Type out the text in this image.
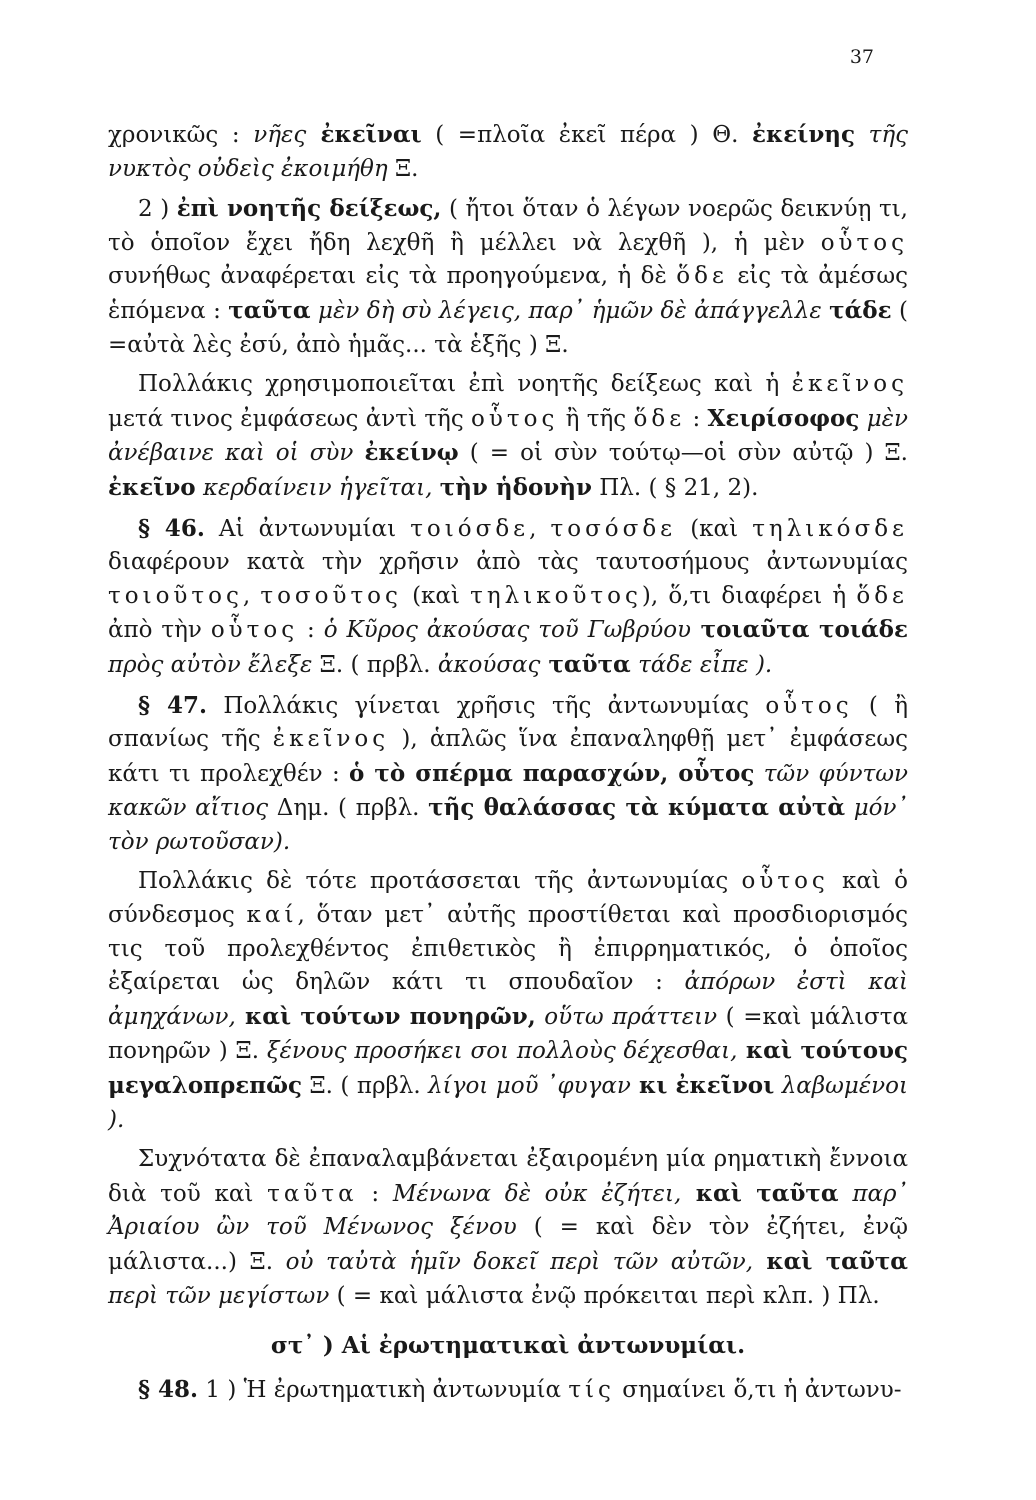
37

χρονικῶς : νῆες ἐκεῖναι ( =πλοῖα ἐκεῖ πέρα ) Θ. ἐκείνης τῆς νυκτὸς οὐδεὶς ἐκοιμήθη Ξ.

2 ) ἐπὶ νοητῆς δείξεως, ( ἤτοι ὅταν ὁ λέγων νοερῶς δεικνύῃ τι, τὸ ὁποῖον ἔχει ἤδη λεχθῆ ἢ μέλλει νὰ λεχθῆ ), ἡ μὲν οὗτος συνήθως ἀναφέρεται εἰς τὰ προηγούμενα, ἡ δὲ ὅδε εἰς τὰ ἀμέσως ἑπόμενα : ταῦτα μὲν δὴ σὺ λέγεις, παρ᾽ ἡμῶν δὲ ἀπάγγελλε τάδε ( =αὐτὰ λὲς ἐσύ, ἀπὸ ἡμᾶς... τὰ ἑξῆς ) Ξ.

Πολλάκις χρησιμοποιεῖται ἐπὶ νοητῆς δείξεως καὶ ἡ ἐκεῖνος μετά τινος ἐμφάσεως ἀντὶ τῆς οὗτος ἢ τῆς ὅδε : Χειρίσοφος μὲν ἀνέβαινε καὶ οἱ σὺν ἐκείνῳ ( = οἱ σὺν τούτῳ—οἱ σὺν αὐτῷ ) Ξ. ἐκεῖνο κερδαίνειν ἡγεῖται, τὴν ἡδονὴν Πλ. ( § 21, 2).

§ 46. Αἱ ἀντωνυμίαι τοιόσδε, τοσόσδε (καὶ τηλικόσδε διαφέρουν κατὰ τὴν χρῆσιν ἀπὸ τὰς ταυτοσήμους ἀντωνυμίας τοιοῦτος, τοσοῦτος (καὶ τηλικοῦτος), ὅ,τι διαφέρει ἡ ὅδε ἀπὸ τὴν οὗτος : ὁ Κῦρος ἀκούσας τοῦ Γωβρύου τοιαῦτα τοιάδε πρὸς αὐτὸν ἔλεξε Ξ. ( πρβλ. ἀκούσας ταῦτα τάδε εἶπε ).

§ 47. Πολλάκις γίνεται χρῆσις τῆς ἀντωνυμίας οὗτος ( ἢ σπανίως τῆς ἐκεῖνος ), ἁπλῶς ἵνα ἐπαναληφθῇ μετ᾽ ἐμφάσεως κάτι τι προλεχθέν : ὁ τὸ σπέρμα παρασχών, οὗτος τῶν φύντων κακῶν αἴτιος Δημ. ( πρβλ. τῆς θαλάσσας τὰ κύματα αὐτὰ μόν᾽ τὸν ρωτοῦσαν).

Πολλάκις δὲ τότε προτάσσεται τῆς ἀντωνυμίας οὗτος καὶ ὁ σύνδεσμος καί, ὅταν μετ᾽ αὐτῆς προστίθεται καὶ προσδιορισμός τις τοῦ προλεχθέντος ἐπιθετικὸς ἢ ἐπιρρηματικός, ὁ ὁποῖος ἐξαίρεται ὡς δηλῶν κάτι τι σπουδαῖον : ἀπόρων ἐστὶ καὶ ἀμηχάνων, καὶ τούτων πονηρῶν, οὕτω πράττειν ( =καὶ μάλιστα πονηρῶν ) Ξ. ξένους προσήκει σοι πολλοὺς δέχεσθαι, καὶ τούτους μεγαλοπρεπῶς Ξ. ( πρβλ. λίγοι μοῦ ᾽φυγαν κι ἐκεῖνοι λαβωμένοι ).

Συχνότατα δὲ ἐπαναλαμβάνεται ἐξαιρομένη μία ρηματικὴ ἔννοια διὰ τοῦ καὶ ταῦτα : Μένωνα δὲ οὐκ ἐζήτει, καὶ ταῦτα παρ᾽ Ἀριαίου ὢν τοῦ Μένωνος ξένου ( = καὶ δὲν τὸν ἐζήτει, ἐνῷ μάλιστα...) Ξ. οὐ ταὐτὰ ἡμῖν δοκεῖ περὶ τῶν αὐτῶν, καὶ ταῦτα περὶ τῶν μεγίστων ( = καὶ μάλιστα ἐνῷ πρόκειται περὶ κλπ. ) Πλ.

στ᾽ ) Αἱ ἐρωτηματικαὶ ἀντωνυμίαι.

§ 48. 1 ) Ἡ ἐρωτηματικὴ ἀντωνυμία τίς σημαίνει ὅ,τι ἡ ἀντωνυ-
